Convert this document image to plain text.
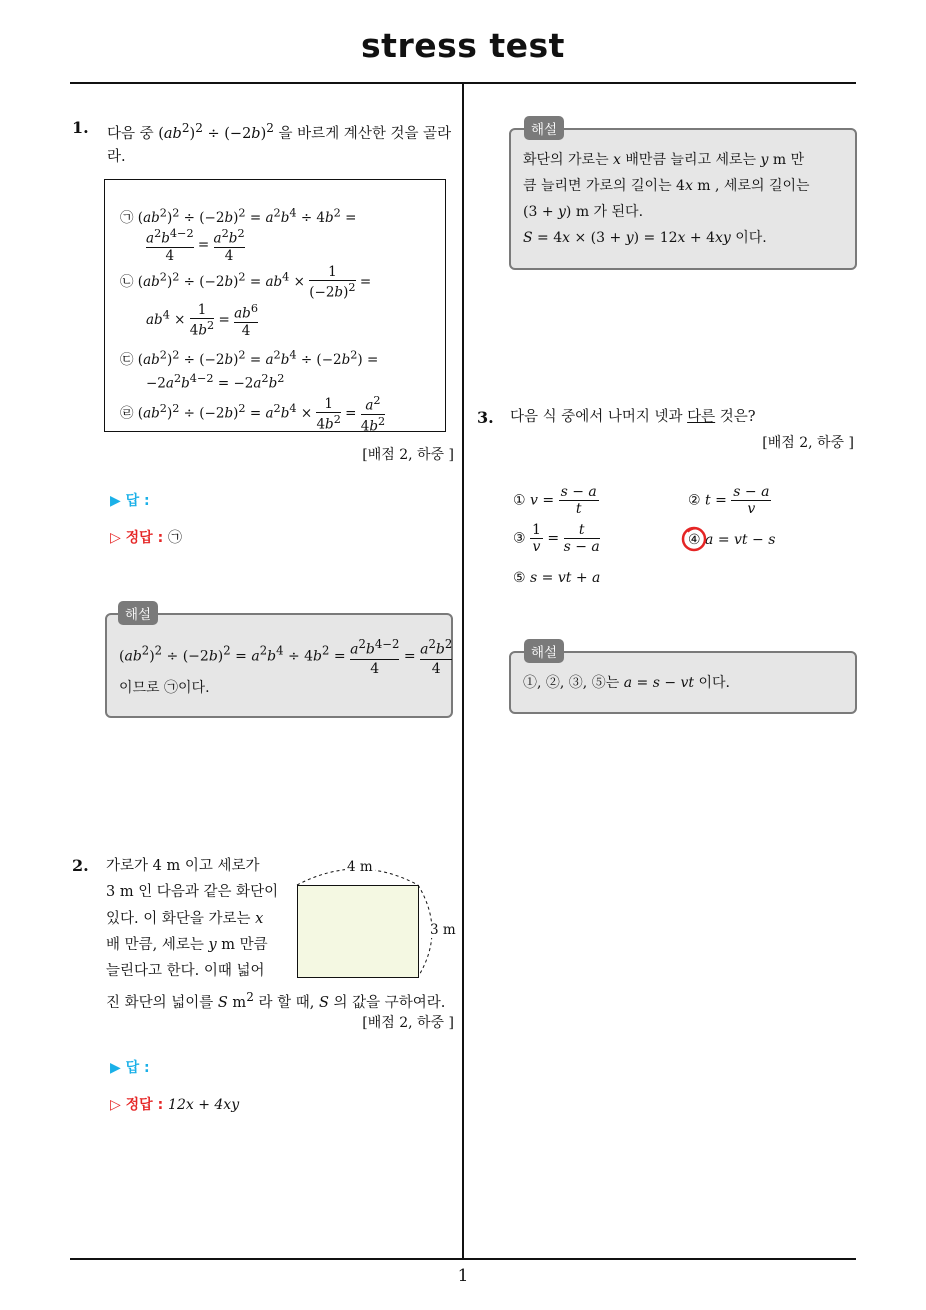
stress test
1
1. 다음 중 $(ab^2)^2 \div (-2b)^2$ 을 바르게 계산한 것을 골라
라.
㉠ $(ab^2)^2 \div (-2b)^2 = a^2b^4 \div 4b^2$ =
$\frac{a^2b^{4-2}}{4} = \frac{a^2b^2}{4}$
㉡ $(ab^2)^2 \div (-2b)^2 = ab^4 \times \frac{1}{(-2b)^2}$ =
$ab^4 \times \frac{1}{4b^2} = \frac{ab^6}{4}$
㉢ $(ab^2)^2 \div (-2b)^2 = a^2b^4 \div (-2b^2)$ =
$-2a^2b^{4-2} = -2a^2b^2$
㉣ $(ab^2)^2 \div (-2b)^2 = a^2b^4 \times \frac{1}{4b^2} = \frac{a^2}{4b^2}$
[배점 2, 하중 ]
▶ 답 :
▷ 정답 : ㉠
해설
$(ab^2)^2 \div (-2b)^2 = a^2b^4 \div 4b^2 = \frac{a^2b^{4-2}}{4} = \frac{a^2b^2}{4}$
이므로 ㉠이다.
2. 가로가 4 m 이고 세로가
3 m 인 다음과 같은 화단이
있다. 이 화단을 가로는 x
배 만큼, 세로는 y m 만큼
늘린다고 한다. 이때 넓어
진 화단의 넓이를 S $m^2$ 라 할 때, S 의 값을 구하여라.
4 m
3 m
[배점 2, 하중 ]
▶ 답 :
▷ 정답 : 12x + 4xy
해설
화단의 가로는 x 배만큼 늘리고 세로는 y m 만
큼 늘리면 가로의 길이는 4x m , 세로의 길이는
(3 + y) m 가 된다.
S = 4x × (3 + y) = 12x + 4xy 이다.
3. 다음 식 중에서 나머지 넷과 다른 것은?
[배점 2, 하중 ]
① $v = \frac{s - a}{t}$	② $t = \frac{s - a}{v}$
③ $\frac{1}{v} = \frac{t}{s - a}$	④ a = vt − s
⑤ s = vt + a
해설
①, ②, ③, ⑤는 a = s − vt 이다.
